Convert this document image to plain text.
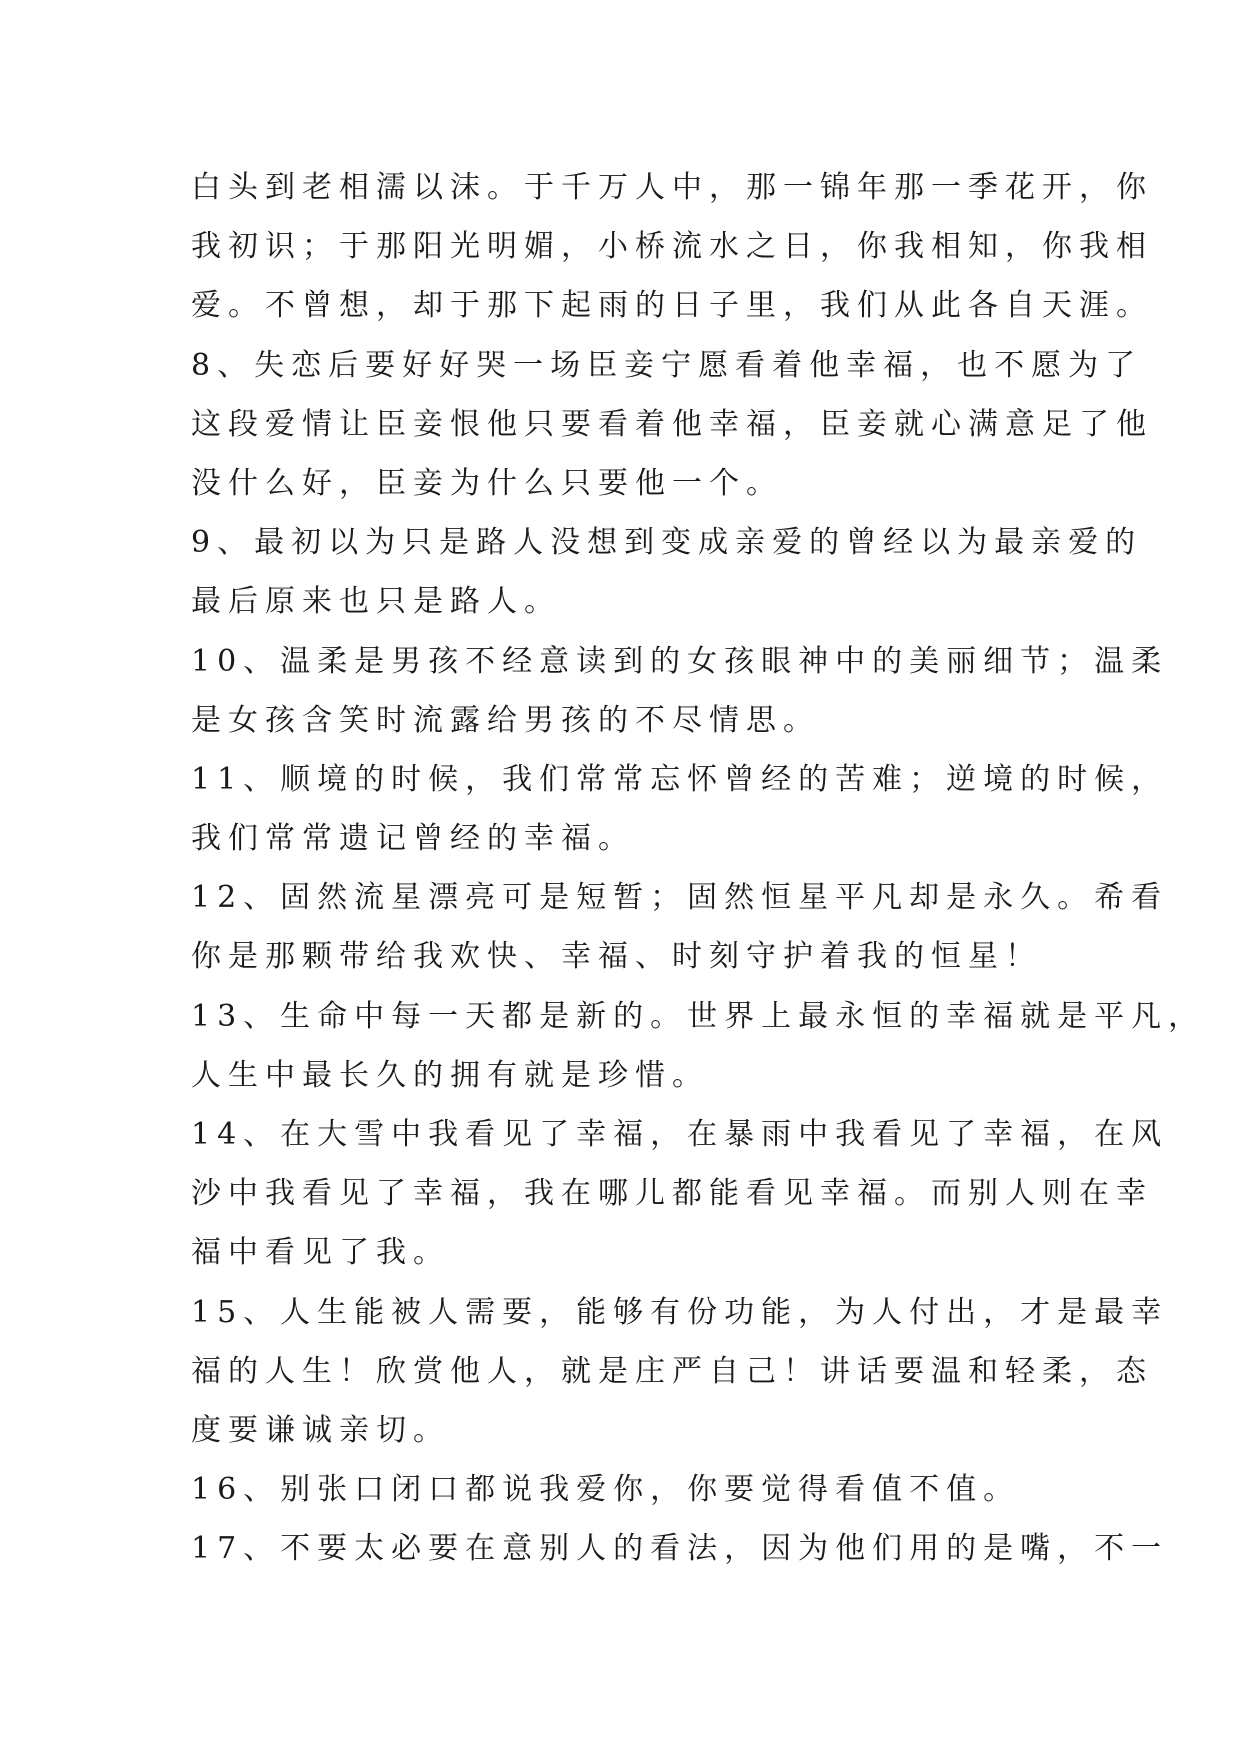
白头到老相濡以沫。于千万人中，那一锦年那一季花开，你
我初识；于那阳光明媚，小桥流水之日，你我相知，你我相
爱。不曾想，却于那下起雨的日子里，我们从此各自天涯。
8、失恋后要好好哭一场臣妾宁愿看着他幸福，也不愿为了
这段爱情让臣妾恨他只要看着他幸福，臣妾就心满意足了他
没什么好，臣妾为什么只要他一个。
9、最初以为只是路人没想到变成亲爱的曾经以为最亲爱的
最后原来也只是路人。
10、温柔是男孩不经意读到的女孩眼神中的美丽细节；温柔
是女孩含笑时流露给男孩的不尽情思。
11、顺境的时候，我们常常忘怀曾经的苦难；逆境的时候，
我们常常遗记曾经的幸福。
12、固然流星漂亮可是短暂；固然恒星平凡却是永久。希看
你是那颗带给我欢快、幸福、时刻守护着我的恒星！
13、生命中每一天都是新的。世界上最永恒的幸福就是平凡，
人生中最长久的拥有就是珍惜。
14、在大雪中我看见了幸福，在暴雨中我看见了幸福，在风
沙中我看见了幸福，我在哪儿都能看见幸福。而别人则在幸
福中看见了我。
15、人生能被人需要，能够有份功能，为人付出，才是最幸
福的人生！欣赏他人，就是庄严自己！讲话要温和轻柔，态
度要谦诚亲切。
16、别张口闭口都说我爱你，你要觉得看值不值。
17、不要太必要在意别人的看法，因为他们用的是嘴，不一
